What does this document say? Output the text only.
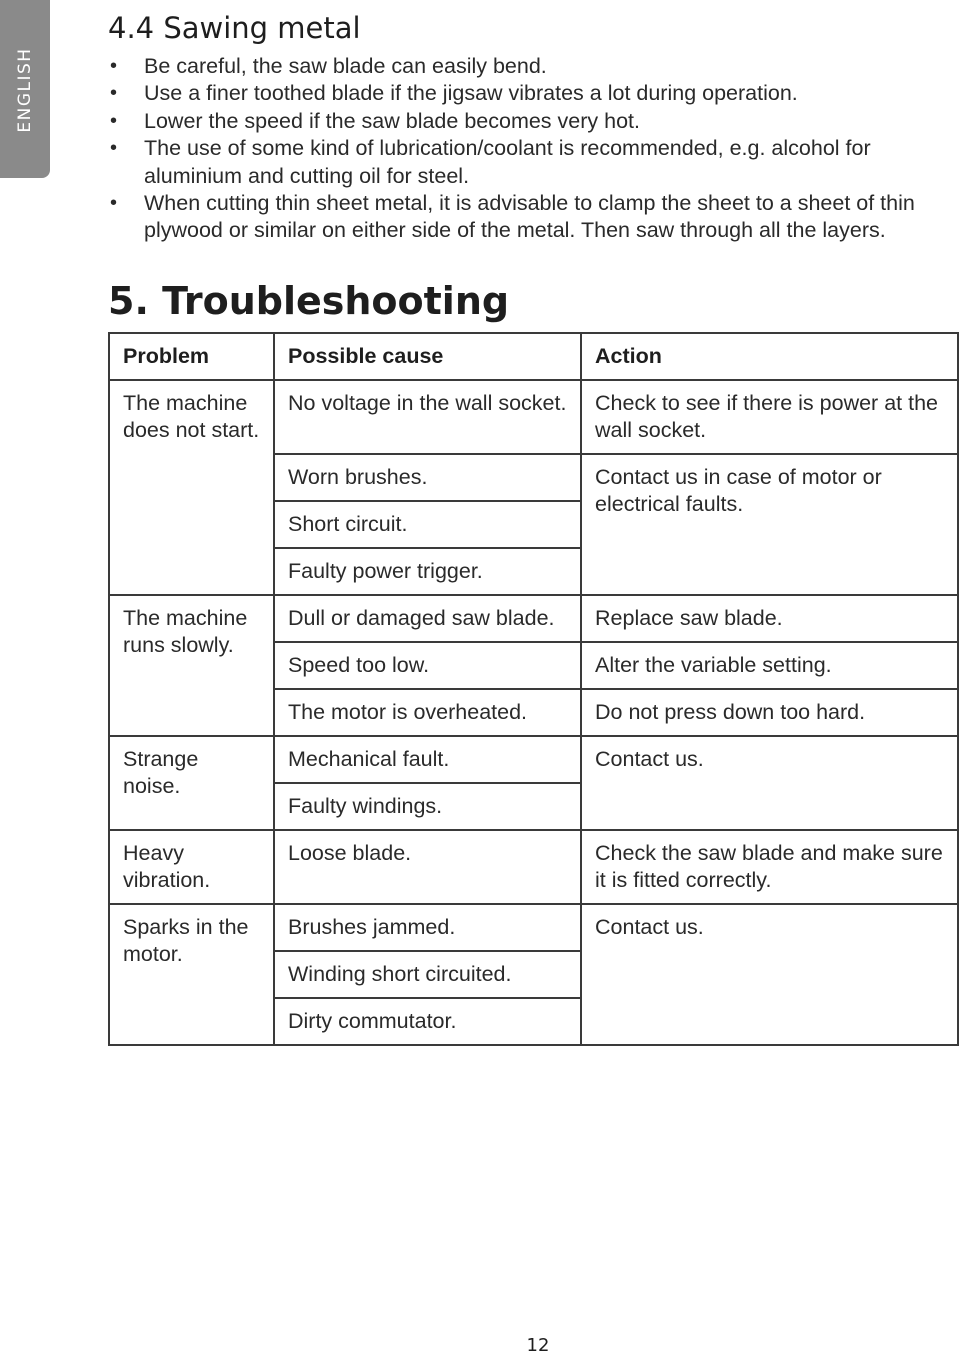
ENGLISH
4.4 Sawing metal
• Be careful, the saw blade can easily bend.
• Use a finer toothed blade if the jigsaw vibrates a lot during operation.
• Lower the speed if the saw blade becomes very hot.
• The use of some kind of lubrication/coolant is recommended, e.g. alcohol for aluminium and cutting oil for steel.
• When cutting thin sheet metal, it is advisable to clamp the sheet to a sheet of thin plywood or similar on either side of the metal. Then saw through all the layers.
5. Troubleshooting
Problem	Possible cause	Action
The machine does not start.	No voltage in the wall socket.	Check to see if there is power at the wall socket.
	Worn brushes.	Contact us in case of motor or electrical faults.
	Short circuit.	
	Faulty power trigger.	
The machine runs slowly.	Dull or damaged saw blade.	Replace saw blade.
	Speed too low.	Alter the variable setting.
	The motor is overheated.	Do not press down too hard.
Strange noise.	Mechanical fault.	Contact us.
	Faulty windings.	
Heavy vibration.	Loose blade.	Check the saw blade and make sure it is fitted correctly.
Sparks in the motor.	Brushes jammed.	Contact us.
	Winding short circuited.	
	Dirty commutator.	
12
